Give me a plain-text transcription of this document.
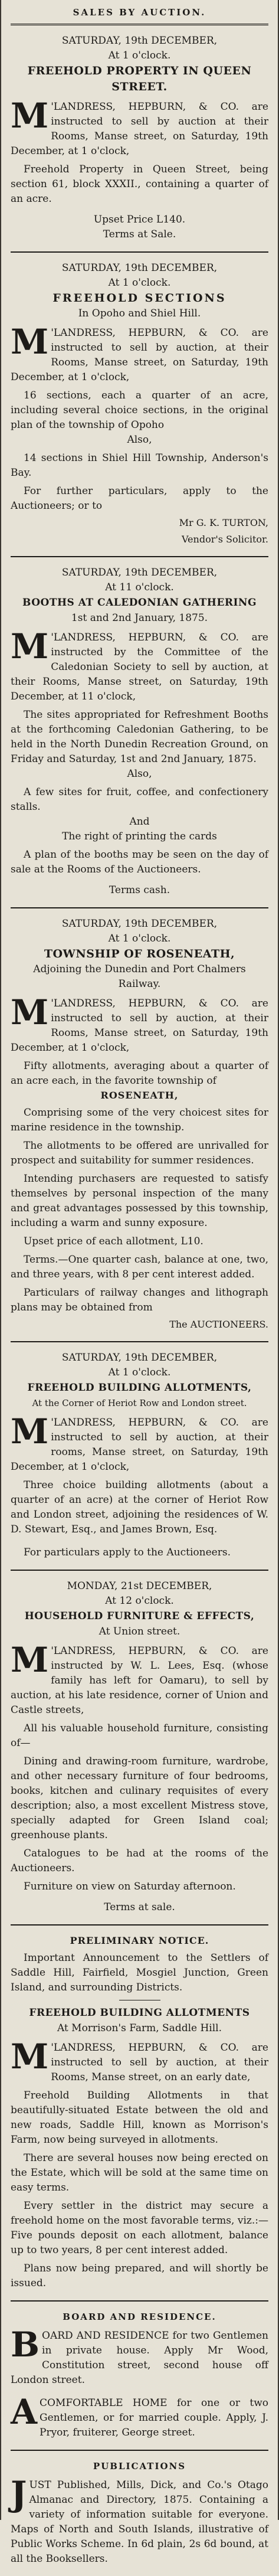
SALES BY AUCTION.
SATURDAY, 19th DECEMBER,
At 1 o'clock.
FREEHOLD PROPERTY IN QUEEN STREET.
M 'LANDRESS, HEPBURN, & CO. are instructed to sell by auction at their Rooms, Manse street, on Saturday, 19th December, at 1 o'clock,
Freehold Property in Queen Street, being section 61, block XXXII., containing a quarter of an acre.
Upset Price L140.
Terms at Sale.
SATURDAY, 19th DECEMBER,
At 1 o'clock.
FREEHOLD SECTIONS
In Opoho and Shiel Hill.
M 'LANDRESS, HEPBURN, & CO. are instructed to sell by auction, at their Rooms, Manse street, on Saturday, 19th December, at 1 o'clock,
16 sections, each a quarter of an acre, including several choice sections, in the original plan of the township of Opoho
Also,
14 sections in Shiel Hill Township, Anderson's Bay.
For further particulars, apply to the Auctioneers; or to
Mr G. K. TURTON,
Vendor's Solicitor.
SATURDAY, 19th DECEMBER,
At 11 o'clock.
BOOTHS AT CALEDONIAN GATHERING
1st and 2nd January, 1875.
M 'LANDRESS, HEPBURN, & CO. are instructed by the Committee of the Caledonian Society to sell by auction, at their Rooms, Manse street, on Saturday, 19th December, at 11 o'clock,
The sites appropriated for Refreshment Booths at the forthcoming Caledonian Gathering, to be held in the North Dunedin Recreation Ground, on Friday and Saturday, 1st and 2nd January, 1875.
Also,
A few sites for fruit, coffee, and confectionery stalls.
And
The right of printing the cards
A plan of the booths may be seen on the day of sale at the Rooms of the Auctioneers.
Terms cash.
SATURDAY, 19th DECEMBER,
At 1 o'clock.
TOWNSHIP OF ROSENEATH,
Adjoining the Dunedin and Port Chalmers Railway.
M 'LANDRESS, HEPBURN, & CO. are instructed to sell by auction, at their Rooms, Manse street, on Saturday, 19th December, at 1 o'clock,
Fifty allotments, averaging about a quarter of an acre each, in the favorite township of
ROSENEATH,
Comprising some of the very choicest sites for marine residence in the township.
The allotments to be offered are unrivalled for prospect and suitability for summer residences.
Intending purchasers are requested to satisfy themselves by personal inspection of the many and great advantages possessed by this township, including a warm and sunny exposure.
Upset price of each allotment, L10.
Terms.—One quarter cash, balance at one, two, and three years, with 8 per cent interest added.
Particulars of railway changes and lithograph plans may be obtained from
The AUCTIONEERS.
SATURDAY, 19th DECEMBER,
At 1 o'clock.
FREEHOLD BUILDING ALLOTMENTS,
At the Corner of Heriot Row and London street.
M 'LANDRESS, HEPBURN, & CO. are instructed to sell by auction, at their rooms, Manse street, on Saturday, 19th December, at 1 o'clock,
Three choice building allotments (about a quarter of an acre) at the corner of Heriot Row and London street, adjoining the residences of W. D. Stewart, Esq., and James Brown, Esq.
For particulars apply to the Auctioneers.
MONDAY, 21st DECEMBER,
At 12 o'clock.
HOUSEHOLD FURNITURE & EFFECTS,
At Union street.
M 'LANDRESS, HEPBURN, & CO. are instructed by W. L. Lees, Esq. (whose family has left for Oamaru), to sell by auction, at his late residence, corner of Union and Castle streets,
All his valuable household furniture, consisting of—
Dining and drawing-room furniture, wardrobe, and other necessary furniture of four bedrooms, books, kitchen and culinary requisites of every description; also, a most excellent Mistress stove, specially adapted for Green Island coal; greenhouse plants.
Catalogues to be had at the rooms of the Auctioneers.
Furniture on view on Saturday afternoon.
Terms at sale.
PRELIMINARY NOTICE.
Important Announcement to the Settlers of Saddle Hill, Fairfield, Mosgiel Junction, Green Island, and surrounding Districts.
FREEHOLD BUILDING ALLOTMENTS
At Morrison's Farm, Saddle Hill.
M 'LANDRESS, HEPBURN, & CO. are instructed to sell by auction, at their Rooms, Manse street, on an early date,
Freehold Building Allotments in that beautifully-situated Estate between the old and new roads, Saddle Hill, known as Morrison's Farm, now being surveyed in allotments.
There are several houses now being erected on the Estate, which will be sold at the same time on easy terms.
Every settler in the district may secure a freehold home on the most favorable terms, viz.:—Five pounds deposit on each allotment, balance up to two years, 8 per cent interest added.
Plans now being prepared, and will shortly be issued.
BOARD AND RESIDENCE.
BOARD AND RESIDENCE for two Gentlemen in private house. Apply Mr Wood, Constitution street, second house off London street.
ACOMFORTABLE HOME for one or two Gentlemen, or for married couple. Apply, J. Pryor, fruiterer, George street.
PUBLICATIONS
JUST Published, Mills, Dick, and Co.'s Otago Almanac and Directory, 1875. Containing a variety of information suitable for everyone. Maps of North and South Islands, illustrative of Public Works Scheme. In 6d plain, 2s 6d bound, at all the Booksellers.
